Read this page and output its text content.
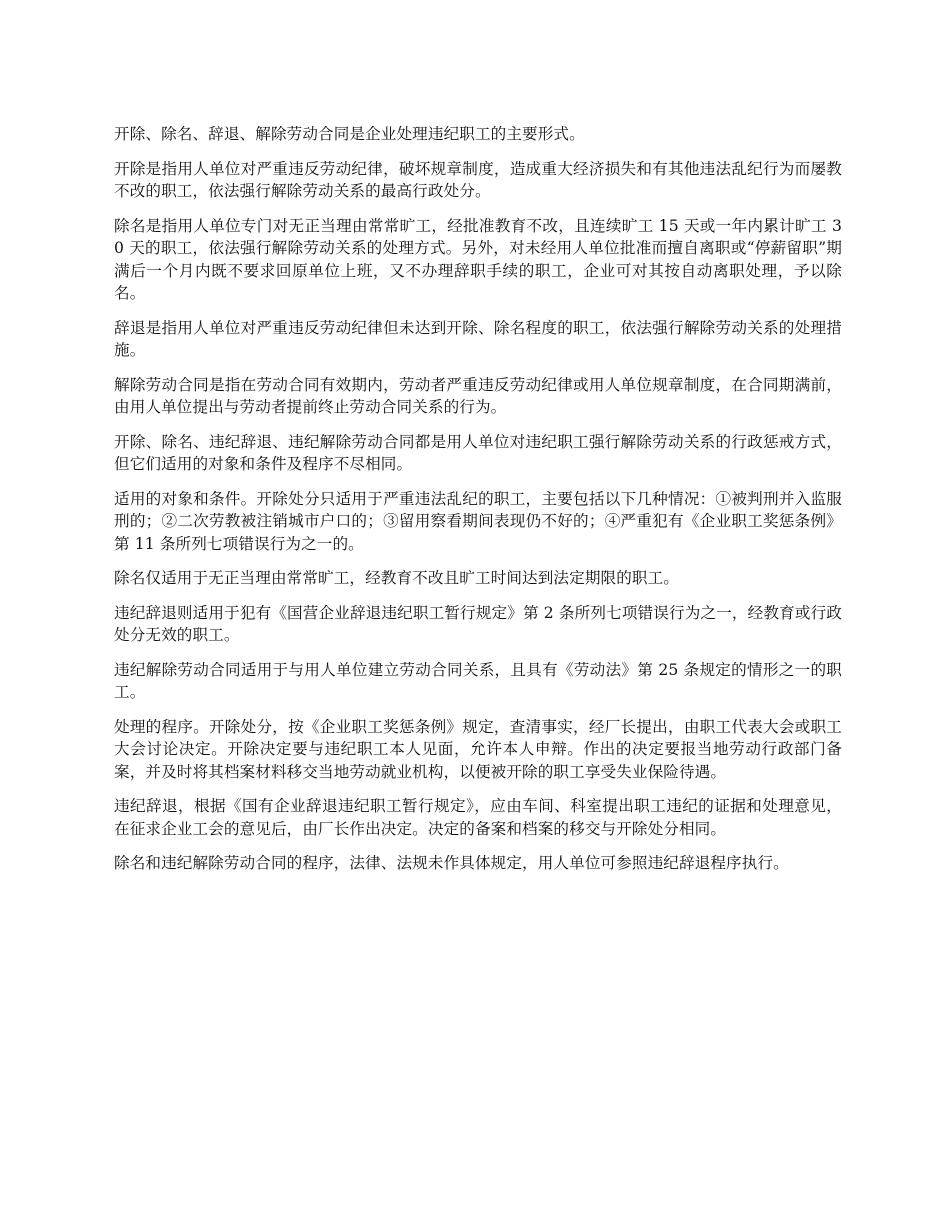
开除、除名、辞退、解除劳动合同是企业处理违纪职工的主要形式。

开除是指用人单位对严重违反劳动纪律，破坏规章制度，造成重大经济损失和有其他违法乱纪行为而屡教不改的职工，依法强行解除劳动关系的最高行政处分。

除名是指用人单位专门对无正当理由常常旷工，经批准教育不改，且连续旷工 15 天或一年内累计旷工 30 天的职工，依法强行解除劳动关系的处理方式。另外，对未经用人单位批准而擅自离职或“停薪留职”期满后一个月内既不要求回原单位上班，又不办理辞职手续的职工，企业可对其按自动离职处理，予以除名。

辞退是指用人单位对严重违反劳动纪律但未达到开除、除名程度的职工，依法强行解除劳动关系的处理措施。

解除劳动合同是指在劳动合同有效期内，劳动者严重违反劳动纪律或用人单位规章制度，在合同期满前，由用人单位提出与劳动者提前终止劳动合同关系的行为。

开除、除名、违纪辞退、违纪解除劳动合同都是用人单位对违纪职工强行解除劳动关系的行政惩戒方式，但它们适用的对象和条件及程序不尽相同。

适用的对象和条件。开除处分只适用于严重违法乱纪的职工，主要包括以下几种情况：①被判刑并入监服刑的；②二次劳教被注销城市户口的；③留用察看期间表现仍不好的；④严重犯有《企业职工奖惩条例》第 11 条所列七项错误行为之一的。

除名仅适用于无正当理由常常旷工，经教育不改且旷工时间达到法定期限的职工。

违纪辞退则适用于犯有《国营企业辞退违纪职工暂行规定》第 2 条所列七项错误行为之一，经教育或行政处分无效的职工。

违纪解除劳动合同适用于与用人单位建立劳动合同关系，且具有《劳动法》第 25 条规定的情形之一的职工。

处理的程序。开除处分，按《企业职工奖惩条例》规定，查清事实，经厂长提出，由职工代表大会或职工大会讨论决定。开除决定要与违纪职工本人见面，允许本人申辩。作出的决定要报当地劳动行政部门备案，并及时将其档案材料移交当地劳动就业机构，以便被开除的职工享受失业保险待遇。

违纪辞退，根据《国有企业辞退违纪职工暂行规定》，应由车间、科室提出职工违纪的证据和处理意见，在征求企业工会的意见后，由厂长作出决定。决定的备案和档案的移交与开除处分相同。

除名和违纪解除劳动合同的程序，法律、法规未作具体规定，用人单位可参照违纪辞退程序执行。
